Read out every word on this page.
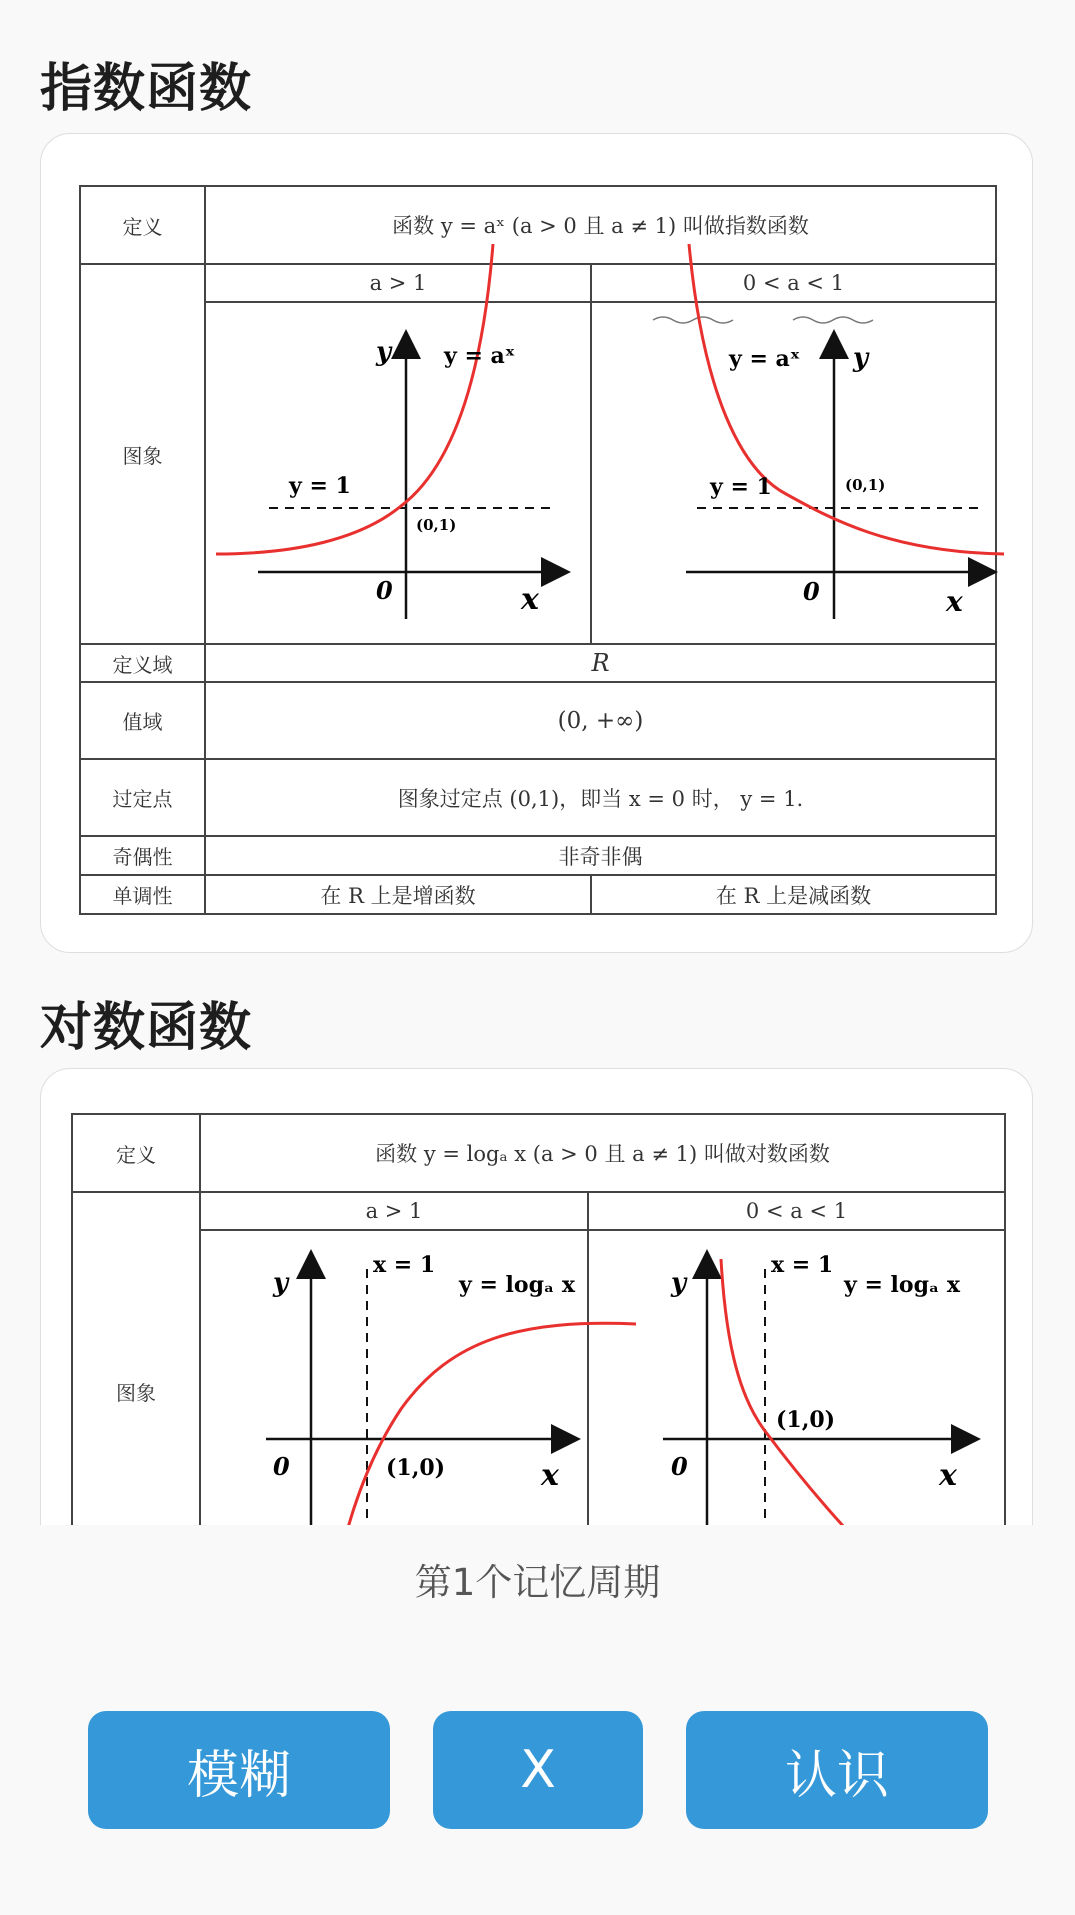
指数函数
定义	函数 y = aˣ (a > 0 且 a ≠ 1) 叫做指数函数	
图象	a > 1	0 < a < 1

定义域	R	
值域	(0, +∞)	
过定点	图象过定点 (0,1)，即当 x = 0 时， y = 1.	
奇偶性	非奇非偶	
单调性	在 R 上是增函数	在 R 上是减函数
y y = aˣ
y = 1
(0,1)
0	x
y = aˣ y
y = 1	(0,1)
0	x
对数函数
定义	函数 y = logₐ x (a > 0 且 a ≠ 1) 叫做对数函数	
图象	a > 1	0 < a < 1

y
x = 1
y = logₐ x
(1,0)
0	x
y
x = 1
y = logₐ x
(1,0)
0	x
第1个记忆周期
模糊	X	认识
